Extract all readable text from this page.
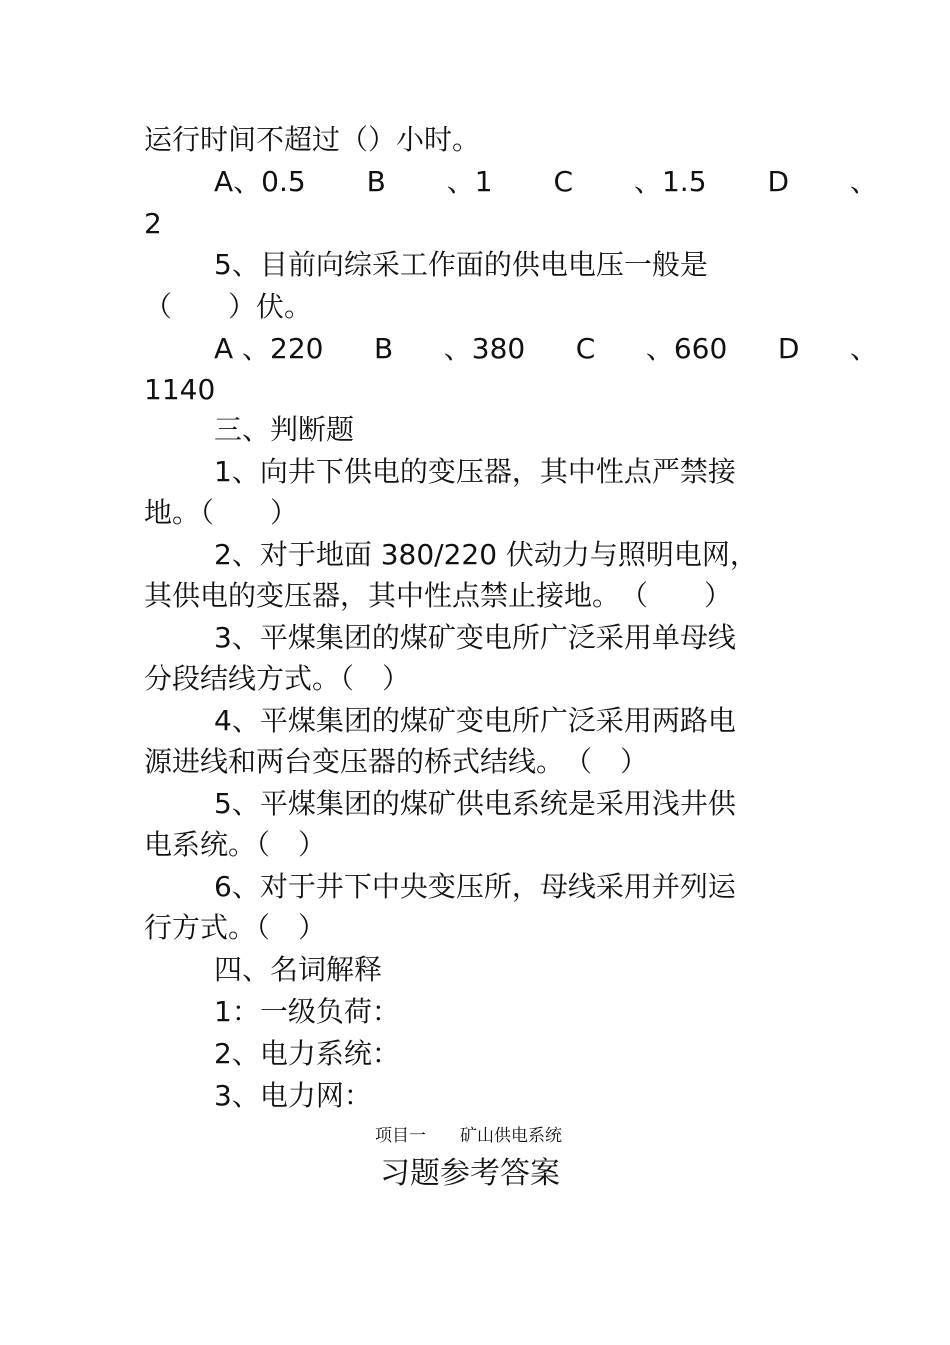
运行时间不超过（）小时。
A、0.5 B 、1 C 、1.5 D 、
2
5、目前向综采工作面的供电电压一般是
（　　）伏。
A 、220 B 、380 C 、660 D 、
1140
三、判断题
1、向井下供电的变压器，其中性点严禁接
地。（　　）
2、对于地面 380/220 伏动力与照明电网，
其供电的变压器，其中性点禁止接地。　（　　）
3、平煤集团的煤矿变电所广泛采用单母线
分段结线方式。（　）
4、平煤集团的煤矿变电所广泛采用两路电
源进线和两台变压器的桥式结线。　（　）
5、平煤集团的煤矿供电系统是采用浅井供
电系统。（　）
6、对于井下中央变压所，母线采用并列运
行方式。（　）
四、名词解释
1：一级负荷：
2、电力系统：
3、电力网：
项目一　　矿山供电系统
习题参考答案
